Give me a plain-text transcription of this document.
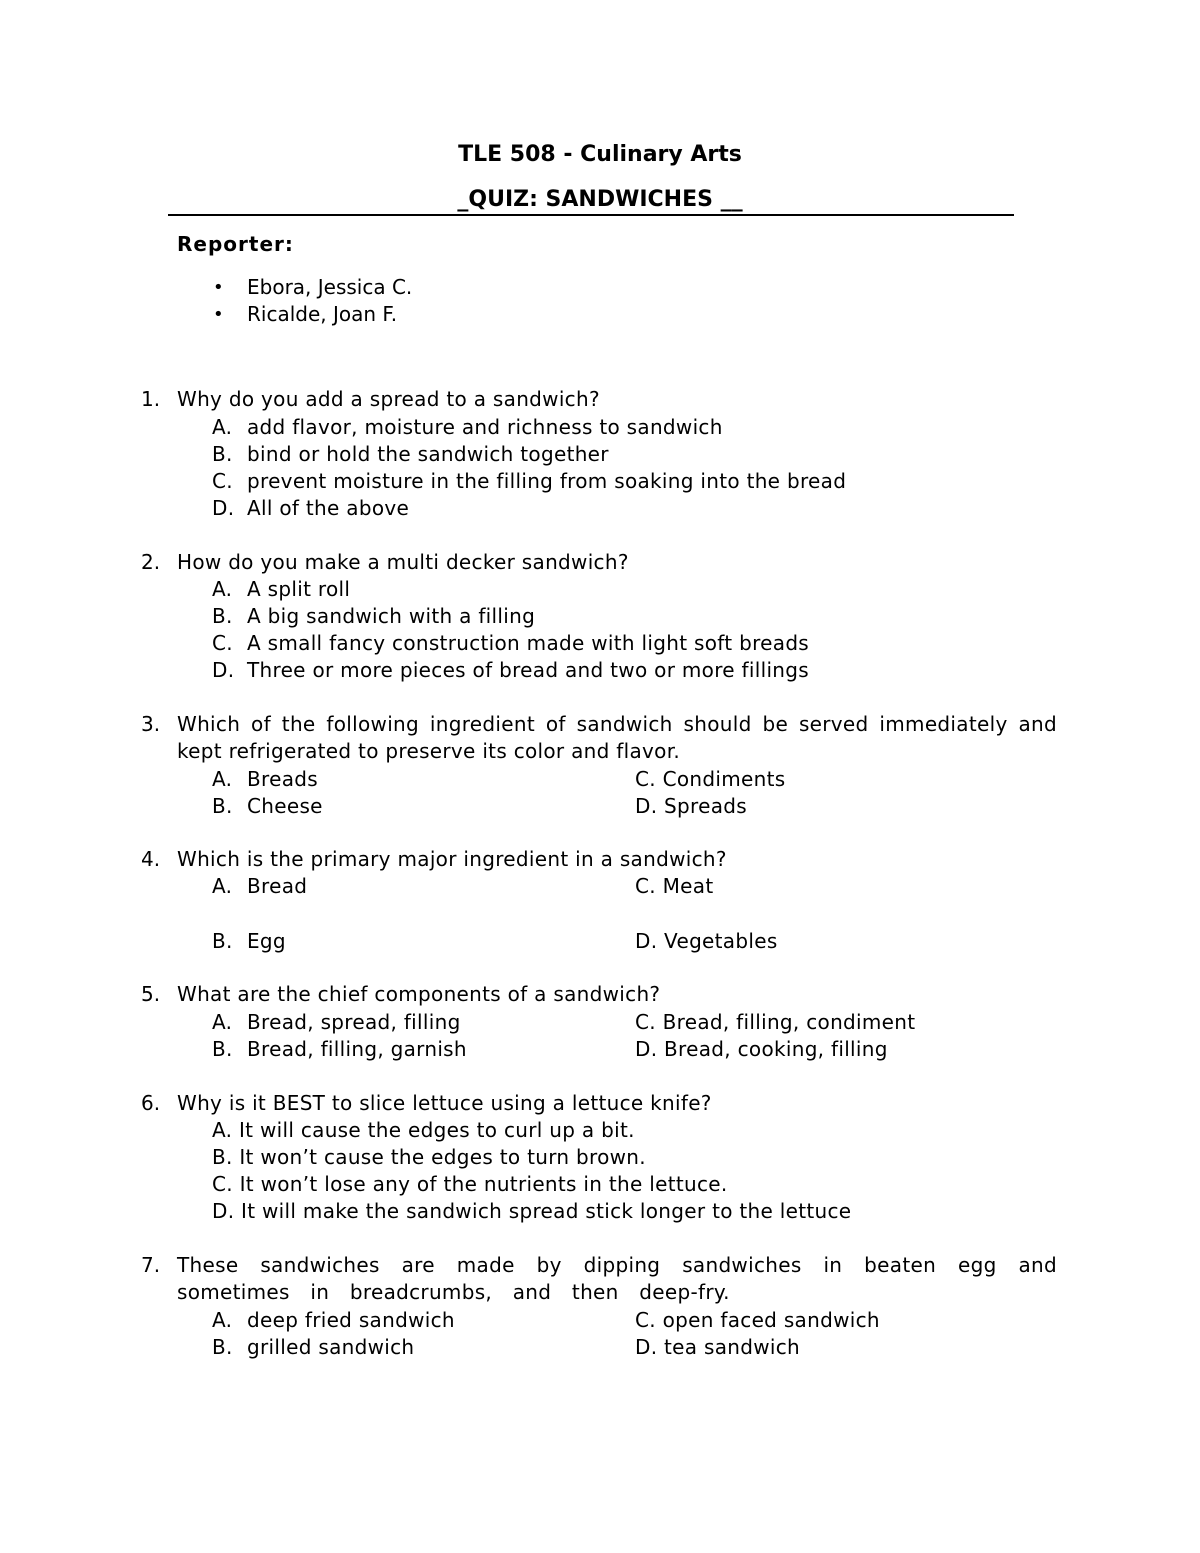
TLE 508 - Culinary Arts
_QUIZ: SANDWICHES __
Reporter:
• Ebora, Jessica C.
• Ricalde, Joan F.
1. Why do you add a spread to a sandwich?
A. add flavor, moisture and richness to sandwich
B. bind or hold the sandwich together
C. prevent moisture in the filling from soaking into the bread
D. All of the above
2. How do you make a multi decker sandwich?
A. A split roll
B. A big sandwich with a filling
C. A small fancy construction made with light soft breads
D. Three or more pieces of bread and two or more fillings
3. Which of the following ingredient of sandwich should be served immediately and kept refrigerated to preserve its color and flavor.
A. Breads	C. Condiments
B. Cheese	D. Spreads
4. Which is the primary major ingredient in a sandwich?
A. Bread	C. Meat
B. Egg	D. Vegetables
5. What are the chief components of a sandwich?
A. Bread, spread, filling	C. Bread, filling, condiment
B. Bread, filling, garnish	D. Bread, cooking, filling
6. Why is it BEST to slice lettuce using a lettuce knife?
A. It will cause the edges to curl up a bit.
B. It won’t cause the edges to turn brown.
C. It won’t lose any of the nutrients in the lettuce.
D. It will make the sandwich spread stick longer to the lettuce
7. These sandwiches are made by dipping sandwiches in beaten egg and sometimes in breadcrumbs, and then deep-fry.
A. deep fried sandwich	C. open faced sandwich
B. grilled sandwich	D. tea sandwich
